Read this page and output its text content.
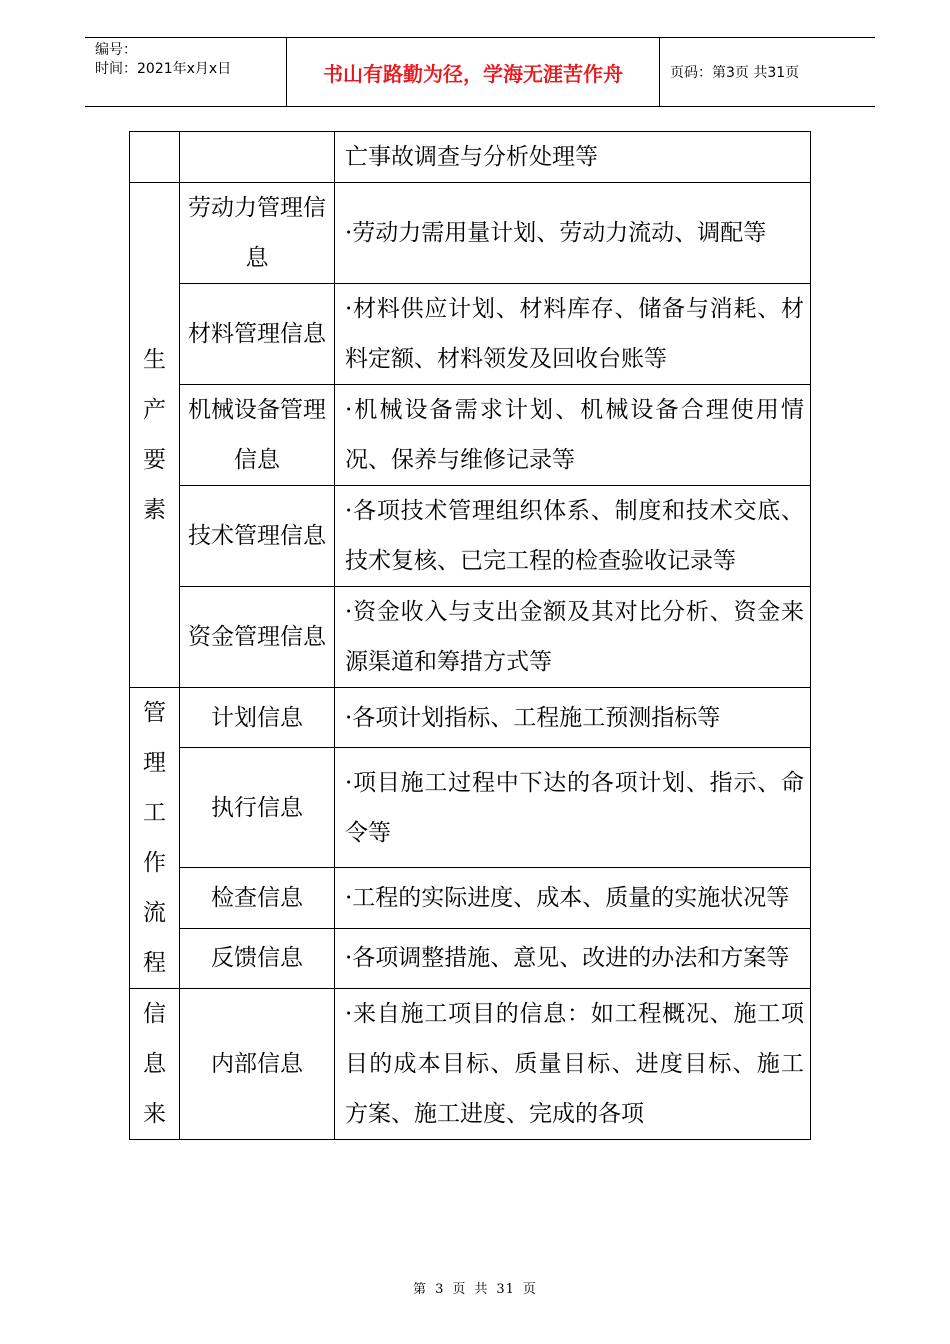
编号：
时间：2021年x月x日	书山有路勤为径，学海无涯苦作舟	页码：第3页 共31页
		亡事故调查与分析处理等

生产要素	劳动力管理信息	·劳动力需用量计划、劳动力流动、调配等
	材料管理信息	·材料供应计划、材料库存、储备与消耗、材料定额、材料领发及回收台账等
	机械设备管理信息	·机械设备需求计划、机械设备合理使用情况、保养与维修记录等
	技术管理信息	·各项技术管理组织体系、制度和技术交底、技术复核、已完工程的检查验收记录等
	资金管理信息	·资金收入与支出金额及其对比分析、资金来源渠道和筹措方式等

管理工作流程	计划信息	·各项计划指标、工程施工预测指标等
	执行信息	·项目施工过程中下达的各项计划、指示、命令等
	检查信息	·工程的实际进度、成本、质量的实施状况等
	反馈信息	·各项调整措施、意见、改进的办法和方案等

信息来	内部信息	·来自施工项目的信息：如工程概况、施工项目的成本目标、质量目标、进度目标、施工方案、施工进度、完成的各项
第 3 页 共 31 页
